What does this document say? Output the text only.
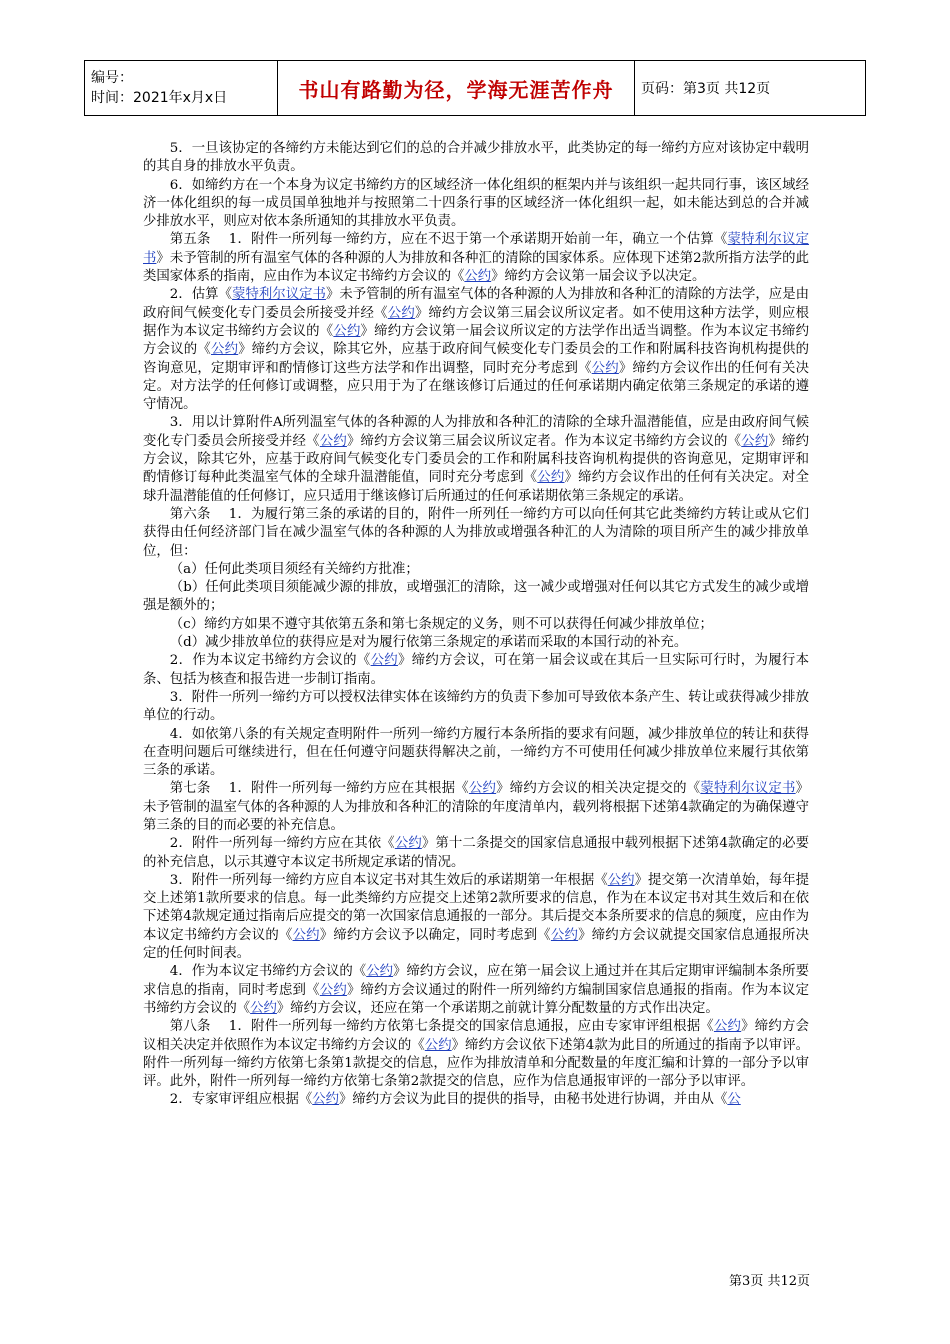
编号：
时间：2021年x月x日	书山有路勤为径，学海无涯苦作舟	页码：第3页 共12页

5．一旦该协定的各缔约方未能达到它们的总的合并减少排放水平，此类协定的每一缔约方应对该协定中载明的其自身的排放水平负责。

6．如缔约方在一个本身为议定书缔约方的区域经济一体化组织的框架内并与该组织一起共同行事，该区域经济一体化组织的每一成员国单独地并与按照第二十四条行事的区域经济一体化组织一起，如未能达到总的合并减少排放水平，则应对依本条所通知的其排放水平负责。

第五条　 1．附件一所列每一缔约方，应在不迟于第一个承诺期开始前一年，确立一个估算《蒙特利尔议定书》未予管制的所有温室气体的各种源的人为排放和各种汇的清除的国家体系。应体现下述第2款所指方法学的此类国家体系的指南，应由作为本议定书缔约方会议的《公约》缔约方会议第一届会议予以决定。

2．估算《蒙特利尔议定书》未予管制的所有温室气体的各种源的人为排放和各种汇的清除的方法学，应是由政府间气候变化专门委员会所接受并经《公约》缔约方会议第三届会议所议定者。如不使用这种方法学，则应根据作为本议定书缔约方会议的《公约》缔约方会议第一届会议所议定的方法学作出适当调整。作为本议定书缔约方会议的《公约》缔约方会议，除其它外，应基于政府间气候变化专门委员会的工作和附属科技咨询机构提供的咨询意见，定期审评和酌情修订这些方法学和作出调整，同时充分考虑到《公约》缔约方会议作出的任何有关决定。对方法学的任何修订或调整，应只用于为了在继该修订后通过的任何承诺期内确定依第三条规定的承诺的遵守情况。

3．用以计算附件A所列温室气体的各种源的人为排放和各种汇的清除的全球升温潜能值，应是由政府间气候变化专门委员会所接受并经《公约》缔约方会议第三届会议所议定者。作为本议定书缔约方会议的《公约》缔约方会议，除其它外，应基于政府间气候变化专门委员会的工作和附属科技咨询机构提供的咨询意见，定期审评和酌情修订每种此类温室气体的全球升温潜能值，同时充分考虑到《公约》缔约方会议作出的任何有关决定。对全球升温潜能值的任何修订，应只适用于继该修订后所通过的任何承诺期依第三条规定的承诺。

第六条　 1．为履行第三条的承诺的目的，附件一所列任一缔约方可以向任何其它此类缔约方转让或从它们获得由任何经济部门旨在减少温室气体的各种源的人为排放或增强各种汇的人为清除的项目所产生的减少排放单位，但：

（a）任何此类项目须经有关缔约方批准；

（b）任何此类项目须能减少源的排放，或增强汇的清除，这一减少或增强对任何以其它方式发生的减少或增强是额外的；

（c）缔约方如果不遵守其依第五条和第七条规定的义务，则不可以获得任何减少排放单位；

（d）减少排放单位的获得应是对为履行依第三条规定的承诺而采取的本国行动的补充。

2．作为本议定书缔约方会议的《公约》缔约方会议，可在第一届会议或在其后一旦实际可行时，为履行本条、包括为核查和报告进一步制订指南。

3．附件一所列一缔约方可以授权法律实体在该缔约方的负责下参加可导致依本条产生、转让或获得减少排放单位的行动。

4．如依第八条的有关规定查明附件一所列一缔约方履行本条所指的要求有问题，减少排放单位的转让和获得在查明问题后可继续进行，但在任何遵守问题获得解决之前，一缔约方不可使用任何减少排放单位来履行其依第三条的承诺。

第七条　 1．附件一所列每一缔约方应在其根据《公约》缔约方会议的相关决定提交的《蒙特利尔议定书》未予管制的温室气体的各种源的人为排放和各种汇的清除的年度清单内，载列将根据下述第4款确定的为确保遵守第三条的目的而必要的补充信息。

2．附件一所列每一缔约方应在其依《公约》第十二条提交的国家信息通报中载列根据下述第4款确定的必要的补充信息，以示其遵守本议定书所规定承诺的情况。

3．附件一所列每一缔约方应自本议定书对其生效后的承诺期第一年根据《公约》提交第一次清单始，每年提交上述第1款所要求的信息。每一此类缔约方应提交上述第2款所要求的信息，作为在本议定书对其生效后和在依下述第4款规定通过指南后应提交的第一次国家信息通报的一部分。其后提交本条所要求的信息的频度，应由作为本议定书缔约方会议的《公约》缔约方会议予以确定，同时考虑到《公约》缔约方会议就提交国家信息通报所决定的任何时间表。

4．作为本议定书缔约方会议的《公约》缔约方会议，应在第一届会议上通过并在其后定期审评编制本条所要求信息的指南，同时考虑到《公约》缔约方会议通过的附件一所列缔约方编制国家信息通报的指南。作为本议定书缔约方会议的《公约》缔约方会议，还应在第一个承诺期之前就计算分配数量的方式作出决定。

第八条　 1．附件一所列每一缔约方依第七条提交的国家信息通报，应由专家审评组根据《公约》缔约方会议相关决定并依照作为本议定书缔约方会议的《公约》缔约方会议依下述第4款为此目的所通过的指南予以审评。附件一所列每一缔约方依第七条第1款提交的信息，应作为排放清单和分配数量的年度汇编和计算的一部分予以审评。此外，附件一所列每一缔约方依第七条第2款提交的信息，应作为信息通报审评的一部分予以审评。

2．专家审评组应根据《公约》缔约方会议为此目的提供的指导，由秘书处进行协调，并由从《公

第3页 共12页
